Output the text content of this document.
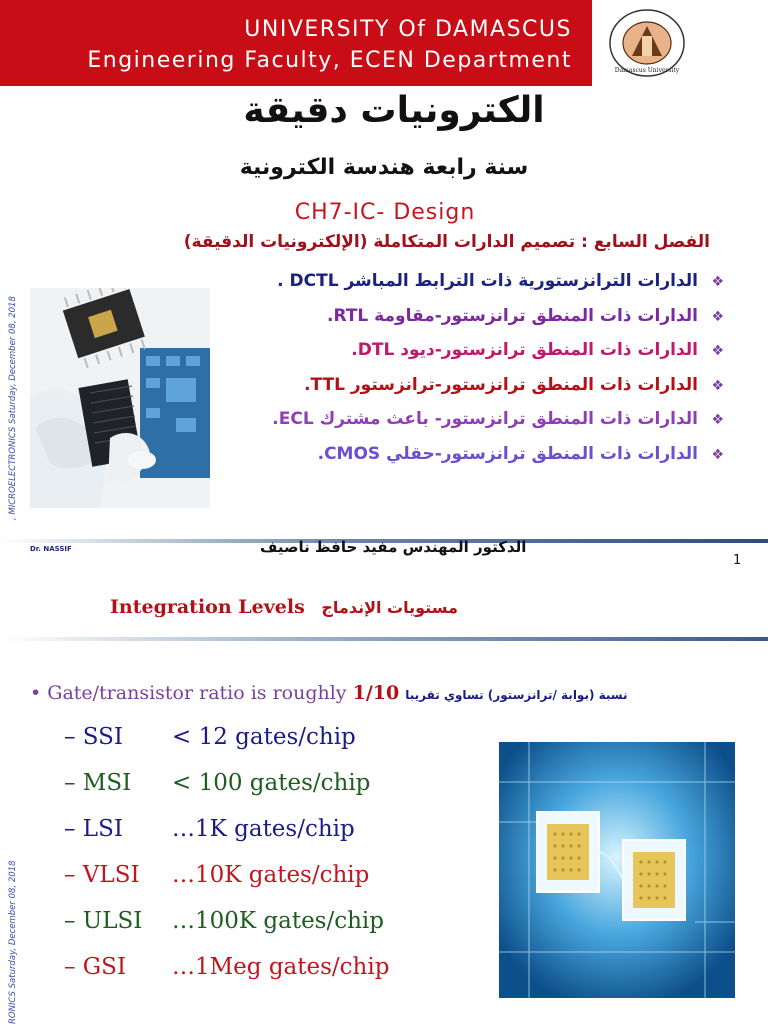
UNIVERSITY Of DAMASCUS
Engineering Faculty, ECEN Department	Damascus University
الكترونيات دقيقة
سنة رابعة هندسة الكترونية
CH7-IC- Design
الفصل السابع : تصميم الدارات المتكاملة (الإلكترونيات الدقيقة)
❖الدارات الترانزستورية ذات الترابط المباشر DCTL .
❖الدارات ذات المنطق ترانزستور-مقاومة RTL.
❖الدارات ذات المنطق ترانزستور-ديود DTL.
❖الدارات ذات المنطق ترانزستور-ترانزستور TTL.
❖الدارات ذات المنطق ترانزستور- باعث مشترك ECL.
❖الدارات ذات المنطق ترانزستور-حقلي CMOS.
, MICROELECTRONICS Saturday, December 08, 2018
الدكتور المهندس مفيد حافظ ناصيف
Dr. NASSIF
1
Integration Levels مستويات الإندماج
• Gate/transistor ratio is roughly 1/10 نسبة (بوابة /ترانزستور) تساوي تقريبا
– SSI < 12 gates/chip
– MSI < 100 gates/chip
– LSI …1K gates/chip
– VLSI …10K gates/chip
– ULSI …100K gates/chip
– GSI …1Meg gates/chip
RONICS Saturday, December 08, 2018
